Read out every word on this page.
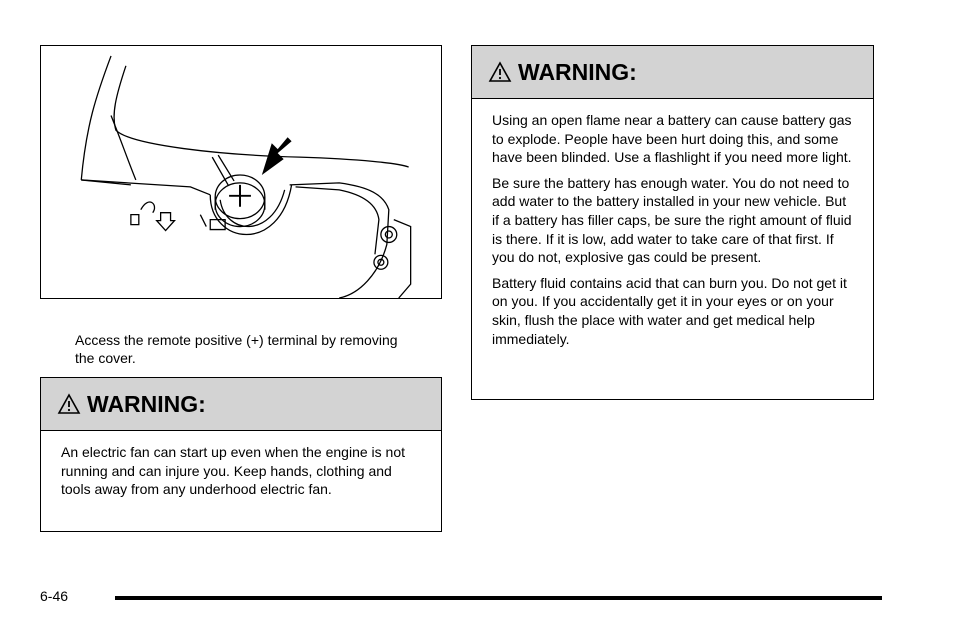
Access the remote positive (+) terminal by removing the cover.
WARNING:

An electric fan can start up even when the engine is not running and can injure you. Keep hands, clothing and tools away from any underhood electric fan.

WARNING:

Using an open flame near a battery can cause battery gas to explode. People have been hurt doing this, and some have been blinded. Use a flashlight if you need more light.

Be sure the battery has enough water. You do not need to add water to the battery installed in your new vehicle. But if a battery has filler caps, be sure the right amount of fluid is there. If it is low, add water to take care of that first. If you do not, explosive gas could be present.

Battery fluid contains acid that can burn you. Do not get it on you. If you accidentally get it in your eyes or on your skin, flush the place with water and get medical help immediately.

6-46
